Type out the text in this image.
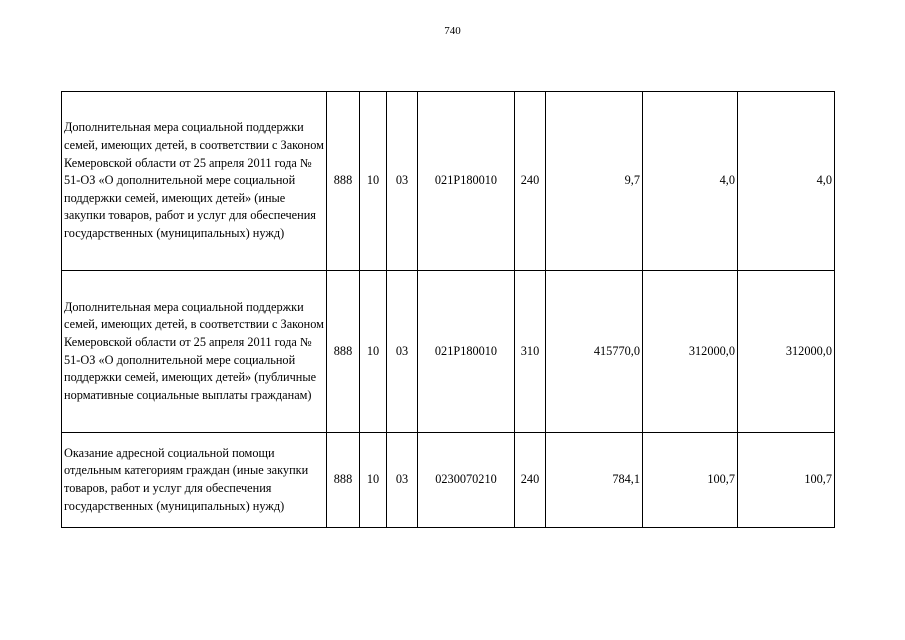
740
Дополнительная мера социальной поддержки семей, имеющих детей, в соответствии с Законом Кемеровской области от 25 апреля 2011 года № 51-ОЗ «О дополнительной мере социальной поддержки семей, имеющих детей» (иные закупки товаров, работ и услуг для обеспечения государственных (муниципальных) нужд)	888	10	03	021Р180010	240	9,7	4,0	4,0
Дополнительная мера социальной поддержки семей, имеющих детей, в соответствии с Законом Кемеровской области от 25 апреля 2011 года № 51-ОЗ «О дополнительной мере социальной поддержки семей, имеющих детей» (публичные нормативные социальные выплаты гражданам)	888	10	03	021Р180010	310	415770,0	312000,0	312000,0
Оказание адресной социальной помощи отдельным категориям граждан (иные закупки товаров, работ и услуг для обеспечения государственных (муниципальных) нужд)	888	10	03	0230070210	240	784,1	100,7	100,7
